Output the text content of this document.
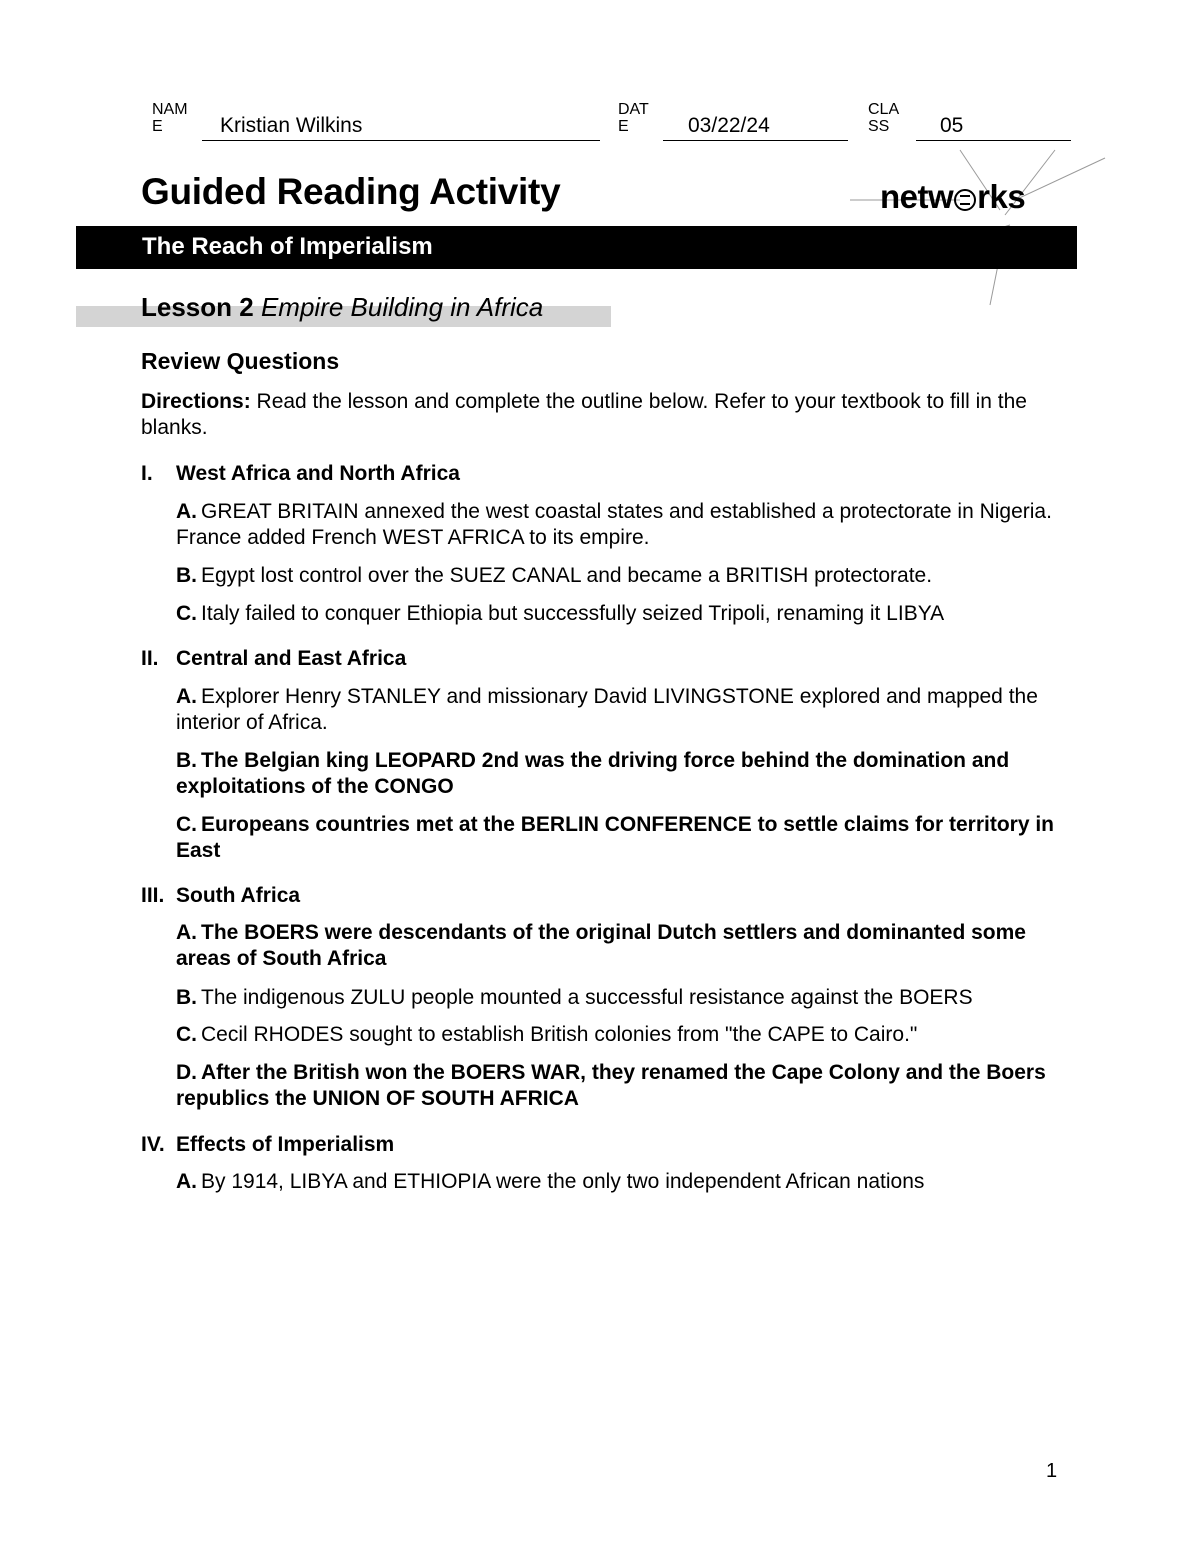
NAM
E	Kristian Wilkins
DAT
E	03/22/24
CLA
SS	05
Guided Reading Activity	netw rks
The Reach of Imperialism
Lesson 2 Empire Building in Africa
Review Questions
Directions: Read the lesson and complete the outline below. Refer to your textbook to fill in the blanks.
I. West Africa and North Africa
A. GREAT BRITAIN annexed the west coastal states and established a protectorate in Nigeria. France added French WEST AFRICA to its empire.
B. Egypt lost control over the SUEZ CANAL and became a BRITISH protectorate.
C. Italy failed to conquer Ethiopia but successfully seized Tripoli, renaming it LIBYA
II. Central and East Africa
A. Explorer Henry STANLEY and missionary David LIVINGSTONE explored and mapped the interior of Africa.
B. The Belgian king LEOPARD 2nd was the driving force behind the domination and exploitations of the CONGO
C. Europeans countries met at the BERLIN CONFERENCE to settle claims for territory in East
III. South Africa
A. The BOERS were descendants of the original Dutch settlers and dominanted some areas of South Africa
B. The indigenous ZULU people mounted a successful resistance against the BOERS
C. Cecil RHODES sought to establish British colonies from "the CAPE to Cairo."
D. After the British won the BOERS WAR, they renamed the Cape Colony and the Boers republics the UNION OF SOUTH AFRICA
IV. Effects of Imperialism
A. By 1914, LIBYA and ETHIOPIA were the only two independent African nations
1
